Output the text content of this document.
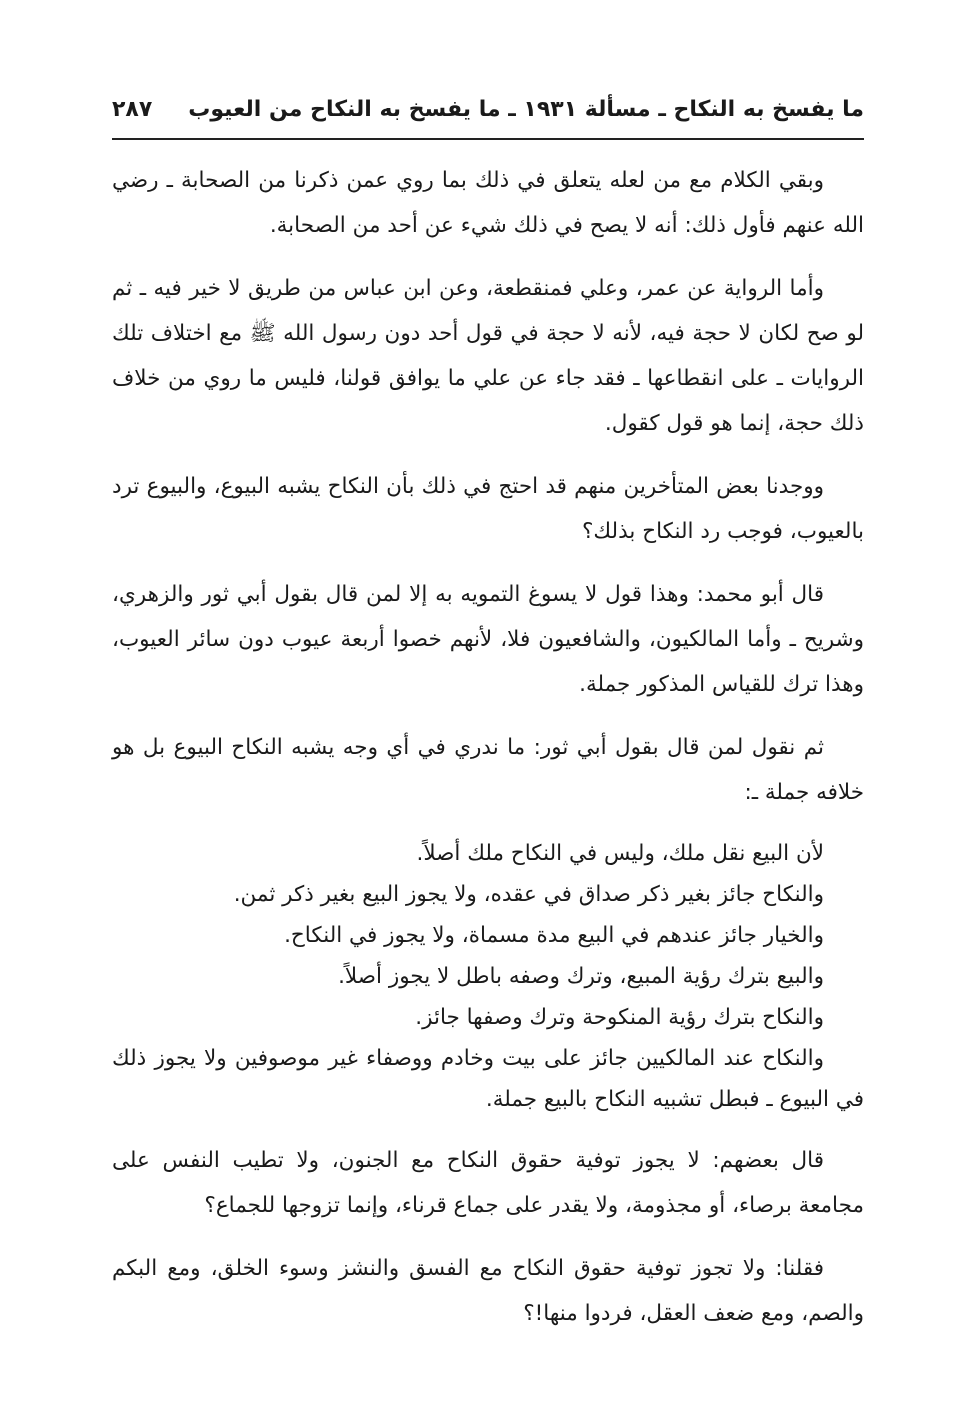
ما يفسخ به النكاح ـ مسألة ١٩٣١ ـ ما يفسخ به النكاح من العيوب
٢٨٧

وبقي الكلام مع من لعله يتعلق في ذلك بما روي عمن ذكرنا من الصحابة ـ رضي الله عنهم فأول ذلك: أنه لا يصح في ذلك شيء عن أحد من الصحابة.

وأما الرواية عن عمر، وعلي فمنقطعة، وعن ابن عباس من طريق لا خير فيه ـ ثم لو صح لكان لا حجة فيه، لأنه لا حجة في قول أحد دون رسول الله ﷺ مع اختلاف تلك الروايات ـ على انقطاعها ـ فقد جاء عن علي ما يوافق قولنا، فليس ما روي من خلاف ذلك حجة، إنما هو قول كقول.

ووجدنا بعض المتأخرين منهم قد احتج في ذلك بأن النكاح يشبه البيوع، والبيوع ترد بالعيوب، فوجب رد النكاح بذلك؟

قال أبو محمد: وهذا قول لا يسوغ التمويه به إلا لمن قال بقول أبي ثور والزهري، وشريح ـ وأما المالكيون، والشافعيون فلا، لأنهم خصوا أربعة عيوب دون سائر العيوب، وهذا ترك للقياس المذكور جملة.

ثم نقول لمن قال بقول أبي ثور: ما ندري في أي وجه يشبه النكاح البيوع بل هو خلافه جملة ـ:

لأن البيع نقل ملك، وليس في النكاح ملك أصلاً.
والنكاح جائز بغير ذكر صداق في عقده، ولا يجوز البيع بغير ذكر ثمن.
والخيار جائز عندهم في البيع مدة مسماة، ولا يجوز في النكاح.
والبيع بترك رؤية المبيع، وترك وصفه باطل لا يجوز أصلاً.
والنكاح بترك رؤية المنكوحة وترك وصفها جائز.
والنكاح عند المالكيين جائز على بيت وخادم ووصفاء غير موصوفين ولا يجوز ذلك في البيوع ـ فبطل تشبيه النكاح بالبيع جملة.

قال بعضهم: لا يجوز توفية حقوق النكاح مع الجنون، ولا تطيب النفس على مجامعة برصاء، أو مجذومة، ولا يقدر على جماع قرناء، وإنما تزوجها للجماع؟

فقلنا: ولا تجوز توفية حقوق النكاح مع الفسق والنشز وسوء الخلق، ومع البكم والصم، ومع ضعف العقل، فردوا منها!؟
